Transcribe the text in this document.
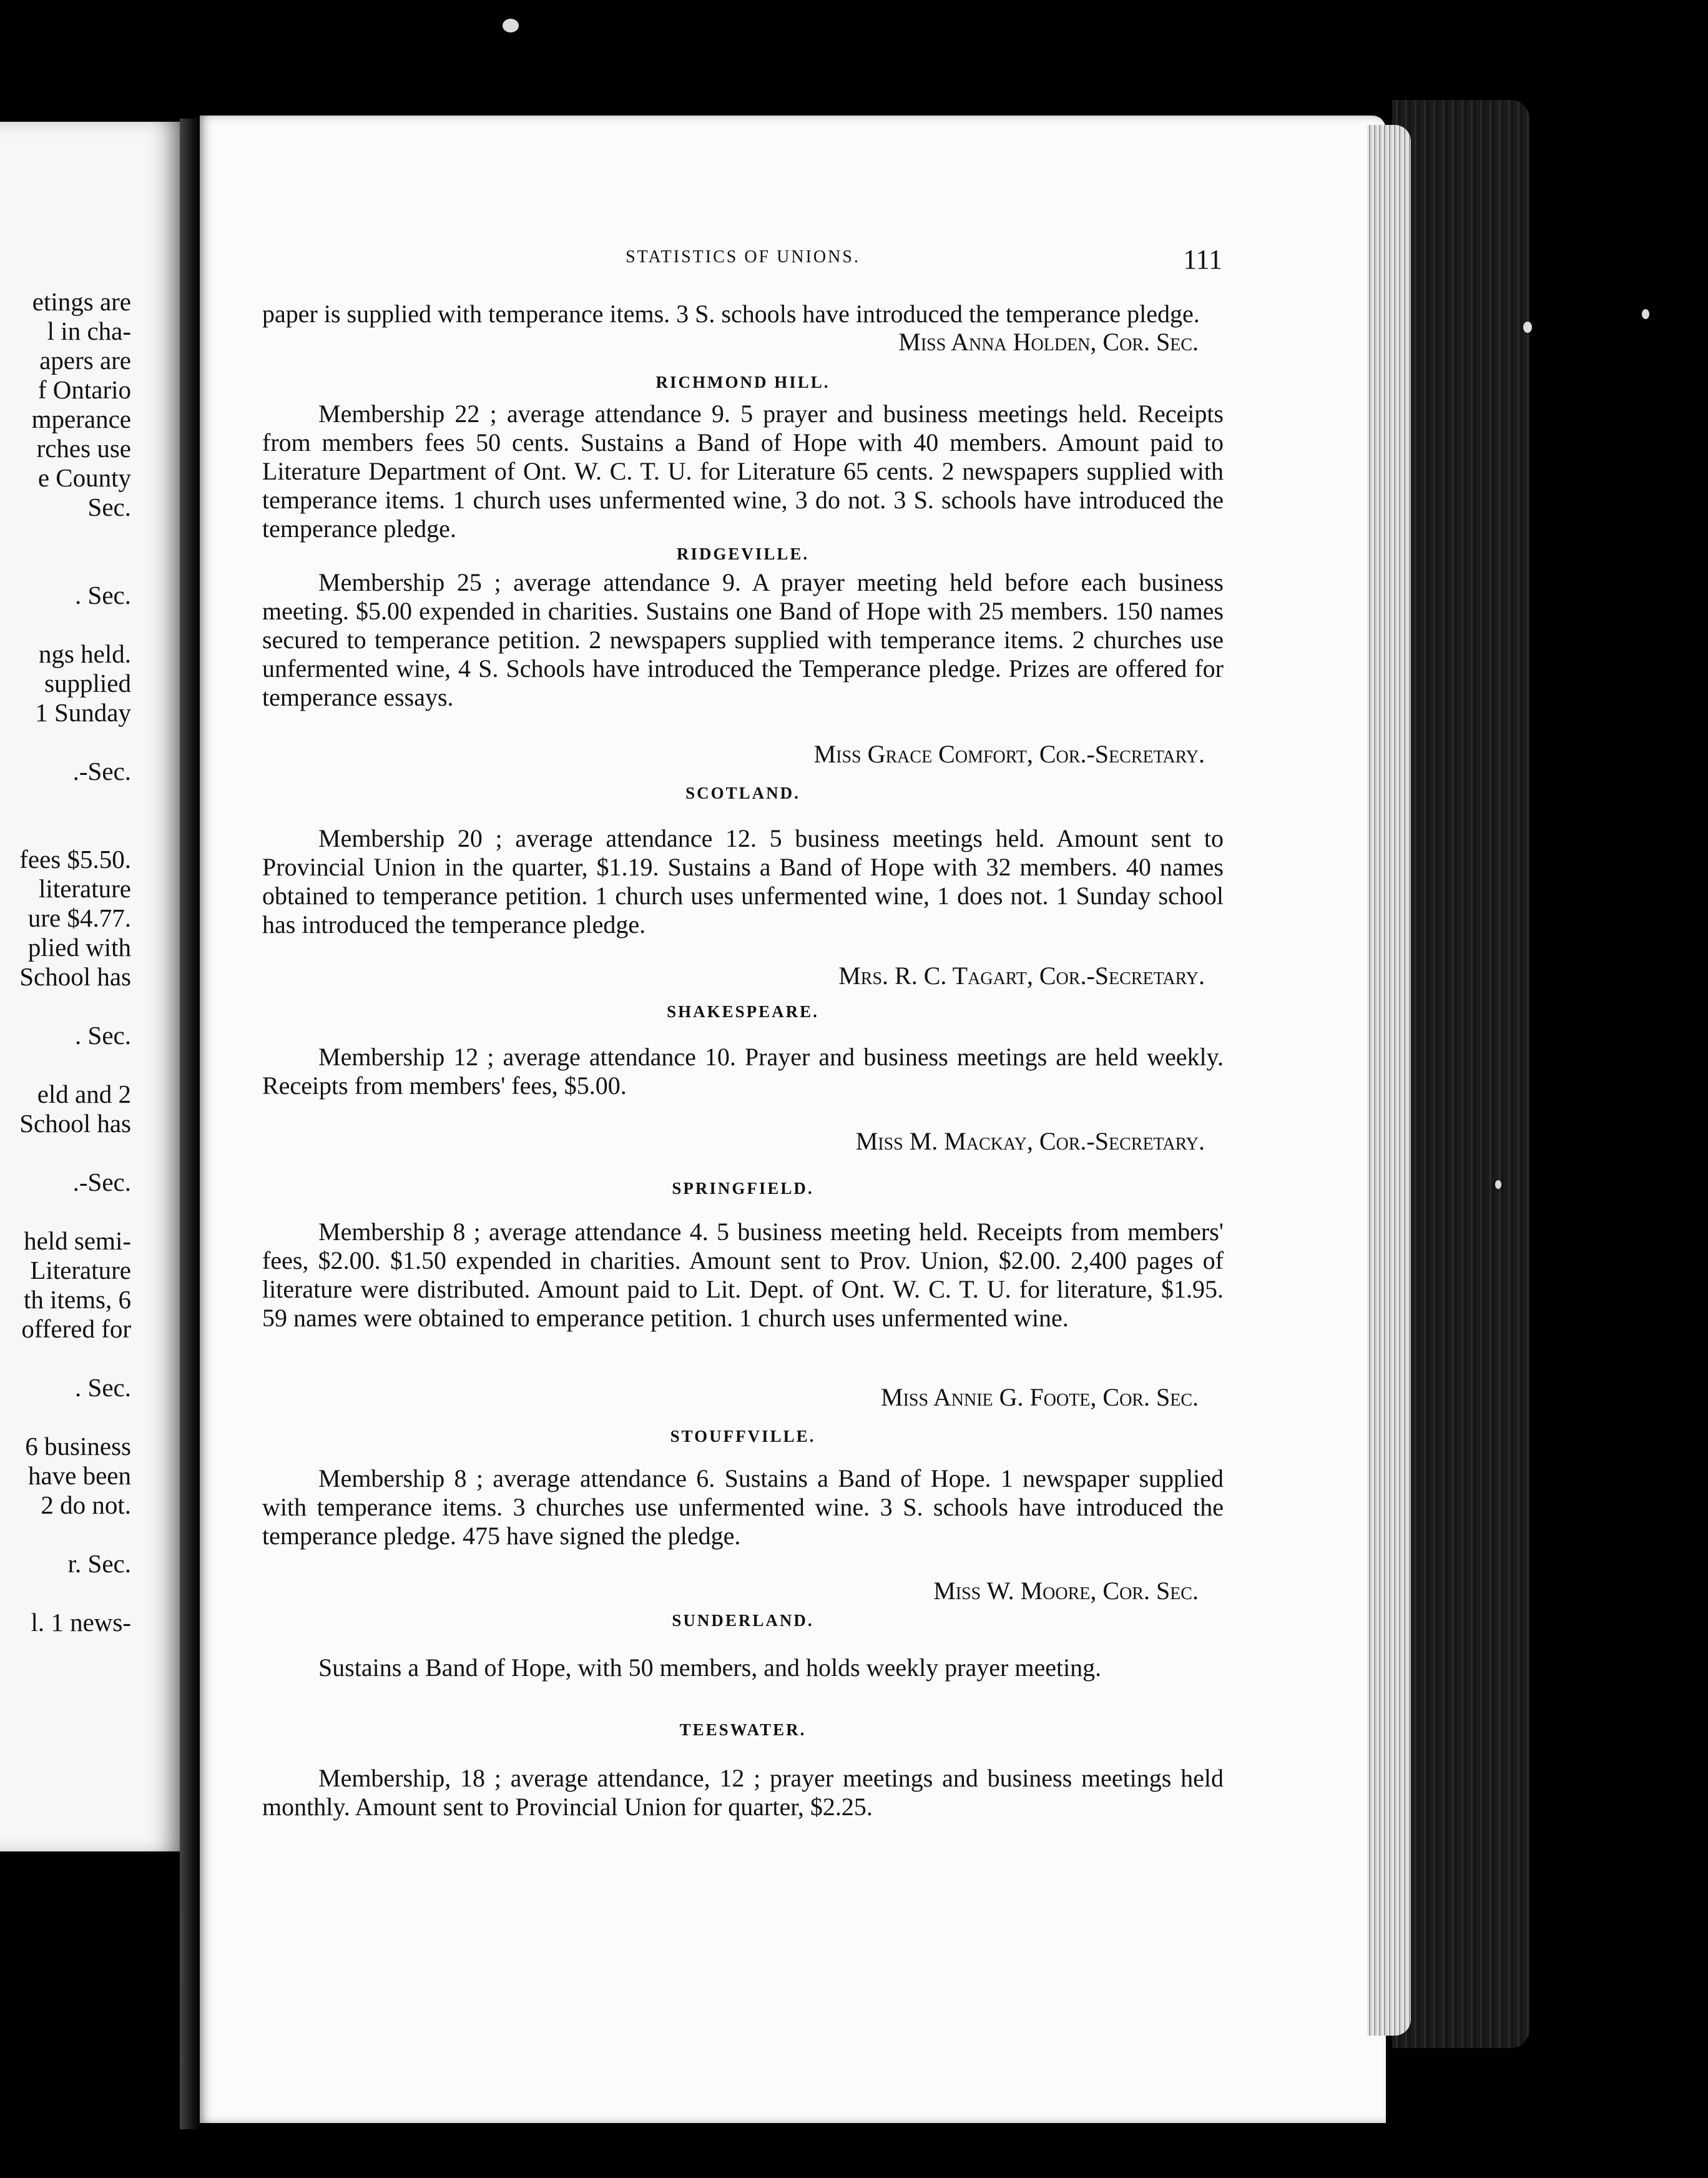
etings are
l in cha-
apers are
f Ontario
mperance
rches use
e County
Sec.
. Sec.
ngs held.
supplied
1 Sunday
.-Sec.
fees $5.50.
literature
ure $4.77.
plied with
School has
. Sec.
eld and 2
School has
.-Sec.
held semi-
Literature
th items, 6
offered for
. Sec.
6 business
have been
2 do not.
r. Sec.
l. 1 news-
STATISTICS OF UNIONS.	111

paper is supplied with temperance items. 3 S. schools have introduced the temperance pledge.

Miss Anna Holden, Cor. Sec.
RICHMOND HILL.

Membership 22 ; average attendance 9. 5 prayer and business meetings held. Receipts from members fees 50 cents. Sustains a Band of Hope with 40 members. Amount paid to Literature Department of Ont. W. C. T. U. for Literature 65 cents. 2 newspapers supplied with temperance items. 1 church uses unfermented wine, 3 do not. 3 S. schools have introduced the temperance pledge.

RIDGEVILLE.

Membership 25 ; average attendance 9. A prayer meeting held before each business meeting. $5.00 expended in charities. Sustains one Band of Hope with 25 members. 150 names secured to temperance petition. 2 newspapers supplied with temperance items. 2 churches use unfermented wine, 4 S. Schools have introduced the Temperance pledge. Prizes are offered for temperance essays.

Miss Grace Comfort, Cor.-Secretary.
SCOTLAND.

Membership 20 ; average attendance 12. 5 business meetings held. Amount sent to Provincial Union in the quarter, $1.19. Sustains a Band of Hope with 32 members. 40 names obtained to temperance petition. 1 church uses unfermented wine, 1 does not. 1 Sunday school has introduced the temperance pledge.

Mrs. R. C. Tagart, Cor.-Secretary.
SHAKESPEARE.

Membership 12 ; average attendance 10. Prayer and business meetings are held weekly. Receipts from members' fees, $5.00.

Miss M. Mackay, Cor.-Secretary.
SPRINGFIELD.

Membership 8 ; average attendance 4. 5 business meeting held. Receipts from members' fees, $2.00. $1.50 expended in charities. Amount sent to Prov. Union, $2.00. 2,400 pages of literature were distributed. Amount paid to Lit. Dept. of Ont. W. C. T. U. for literature, $1.95. 59 names were obtained to emperance petition. 1 church uses unfermented wine.

Miss Annie G. Foote, Cor. Sec.
STOUFFVILLE.

Membership 8 ; average attendance 6. Sustains a Band of Hope. 1 newspaper supplied with temperance items. 3 churches use unfermented wine. 3 S. schools have introduced the temperance pledge. 475 have signed the pledge.

Miss W. Moore, Cor. Sec.
SUNDERLAND.

Sustains a Band of Hope, with 50 members, and holds weekly prayer meeting.

TEESWATER.

Membership, 18 ; average attendance, 12 ; prayer meetings and business meetings held monthly. Amount sent to Provincial Union for quarter, $2.25.
